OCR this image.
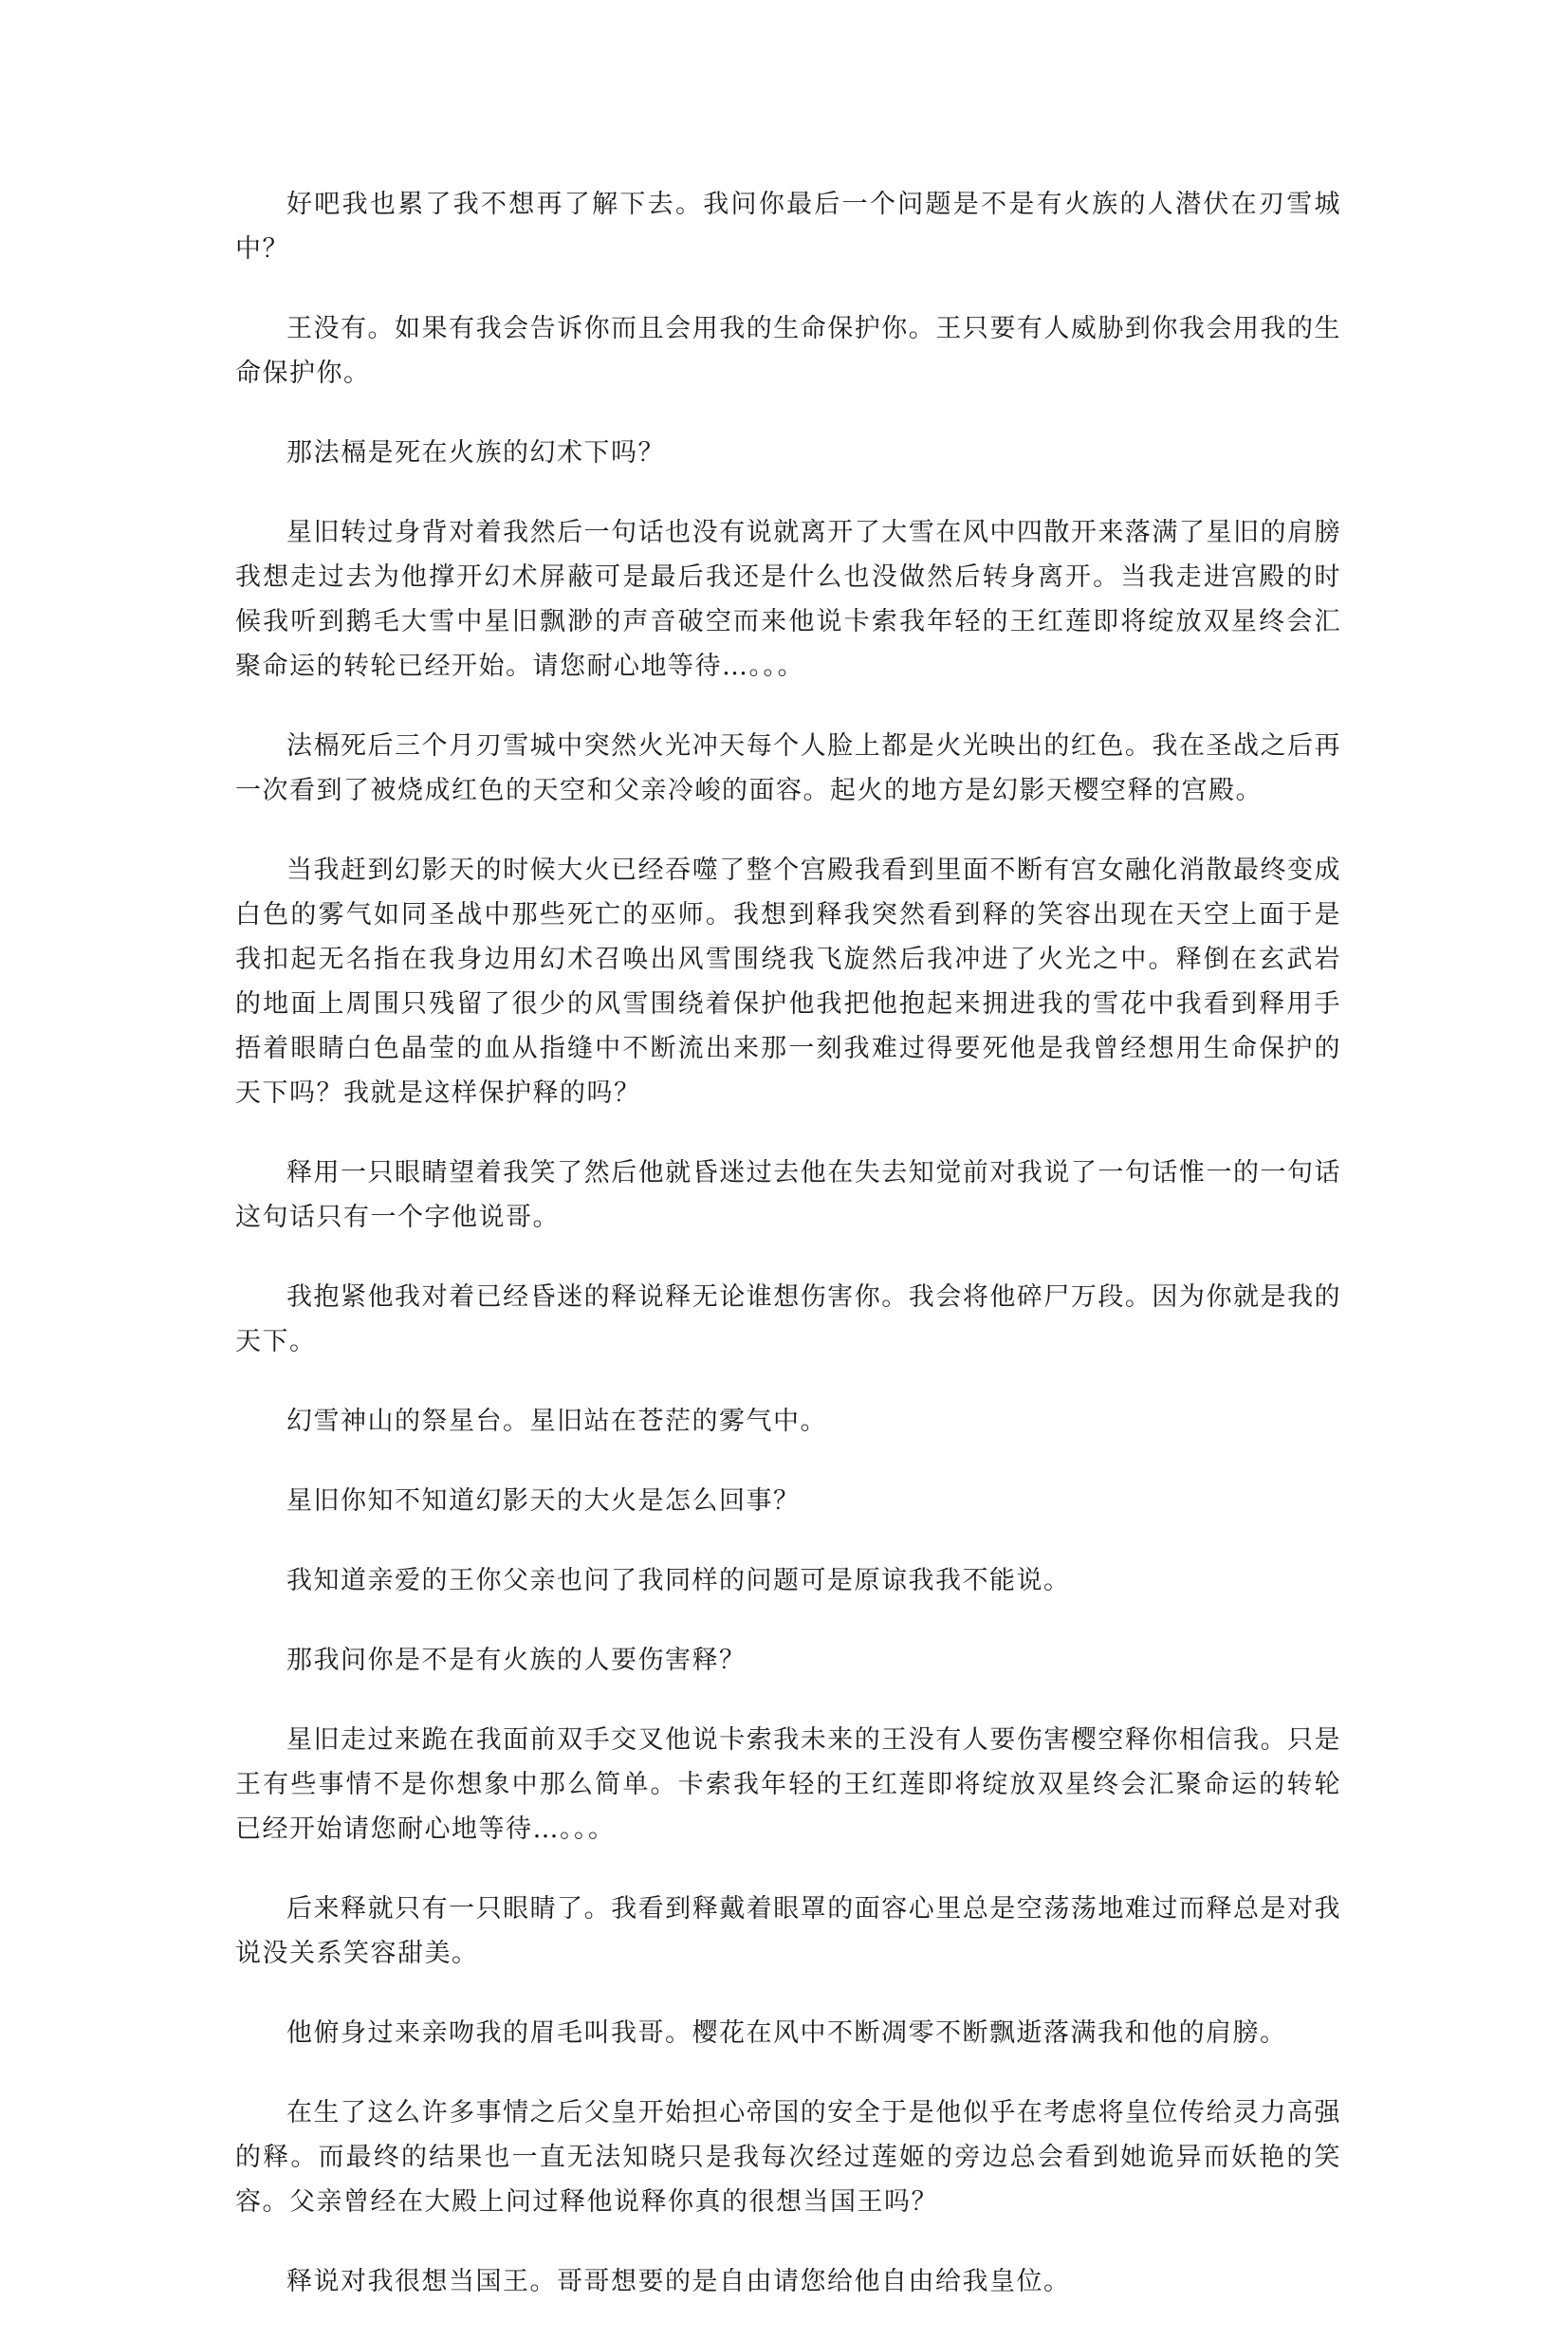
好吧我也累了我不想再了解下去。我问你最后一个问题是不是有火族的人潜伏在刃雪城中？

王没有。如果有我会告诉你而且会用我的生命保护你。王只要有人威胁到你我会用我的生命保护你。

那法槅是死在火族的幻术下吗？

星旧转过身背对着我然后一句话也没有说就离开了大雪在风中四散开来落满了星旧的肩膀我想走过去为他撑开幻术屏蔽可是最后我还是什么也没做然后转身离开。当我走进宫殿的时候我听到鹅毛大雪中星旧飘渺的声音破空而来他说卡索我年轻的王红莲即将绽放双星终会汇聚命运的转轮已经开始。请您耐心地等待…。。。

法槅死后三个月刃雪城中突然火光冲天每个人脸上都是火光映出的红色。我在圣战之后再一次看到了被烧成红色的天空和父亲冷峻的面容。起火的地方是幻影天樱空释的宫殿。

当我赶到幻影天的时候大火已经吞噬了整个宫殿我看到里面不断有宫女融化消散最终变成白色的雾气如同圣战中那些死亡的巫师。我想到释我突然看到释的笑容出现在天空上面于是我扣起无名指在我身边用幻术召唤出风雪围绕我飞旋然后我冲进了火光之中。释倒在玄武岩的地面上周围只残留了很少的风雪围绕着保护他我把他抱起来拥进我的雪花中我看到释用手捂着眼睛白色晶莹的血从指缝中不断流出来那一刻我难过得要死他是我曾经想用生命保护的天下吗？我就是这样保护释的吗？

释用一只眼睛望着我笑了然后他就昏迷过去他在失去知觉前对我说了一句话惟一的一句话这句话只有一个字他说哥。

我抱紧他我对着已经昏迷的释说释无论谁想伤害你。我会将他碎尸万段。因为你就是我的天下。

幻雪神山的祭星台。星旧站在苍茫的雾气中。

星旧你知不知道幻影天的大火是怎么回事？

我知道亲爱的王你父亲也问了我同样的问题可是原谅我我不能说。

那我问你是不是有火族的人要伤害释？

星旧走过来跪在我面前双手交叉他说卡索我未来的王没有人要伤害樱空释你相信我。只是王有些事情不是你想象中那么简单。卡索我年轻的王红莲即将绽放双星终会汇聚命运的转轮已经开始请您耐心地等待…。。。

后来释就只有一只眼睛了。我看到释戴着眼罩的面容心里总是空荡荡地难过而释总是对我说没关系笑容甜美。

他俯身过来亲吻我的眉毛叫我哥。樱花在风中不断凋零不断飘逝落满我和他的肩膀。

在生了这么许多事情之后父皇开始担心帝国的安全于是他似乎在考虑将皇位传给灵力高强的释。而最终的结果也一直无法知晓只是我每次经过莲姬的旁边总会看到她诡异而妖艳的笑容。父亲曾经在大殿上问过释他说释你真的很想当国王吗？

释说对我很想当国王。哥哥想要的是自由请您给他自由给我皇位。
